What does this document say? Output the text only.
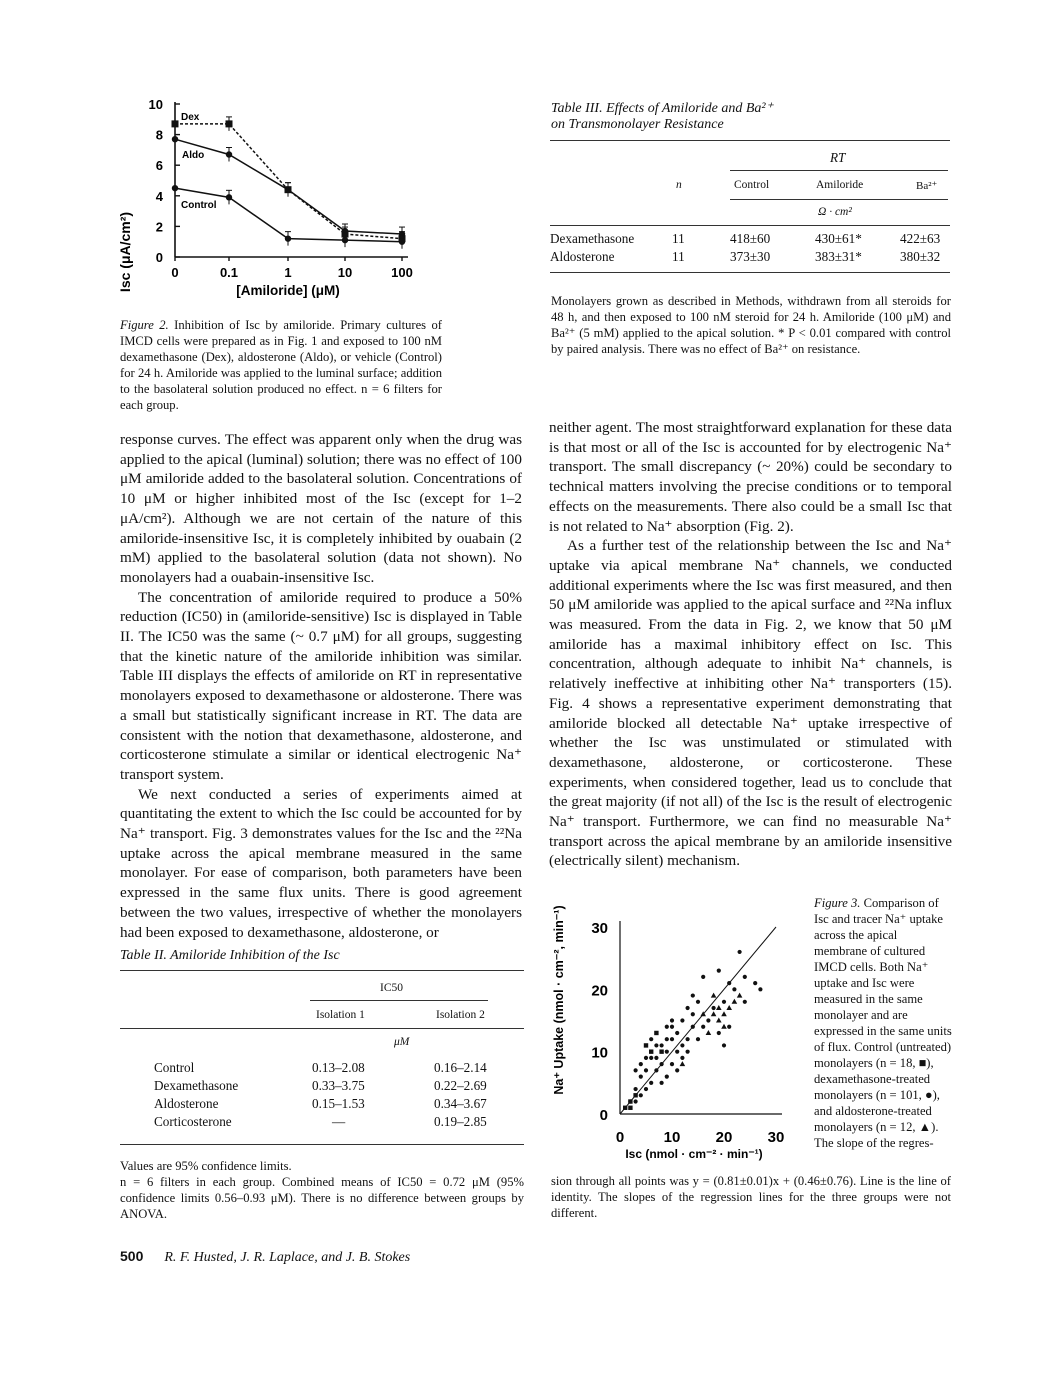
Isc (μA/cm²)	[Amiloride] (μM)
10
8
6
4
2
0
0	0.1	1	10	100
Dex
Aldo
Control
Figure 2. Inhibition of Isc by amiloride. Primary cultures of IMCD cells were prepared as in Fig. 1 and exposed to 100 nM dexamethasone (Dex), aldosterone (Aldo), or vehicle (Control) for 24 h. Amiloride was applied to the luminal surface; addition to the basolateral solution produced no effect. n = 6 filters for each group.
Table III. Effects of Amiloride and Ba²⁺
on Transmonolayer Resistance
RT
n	Control	Amiloride	Ba²⁺
Ω · cm²
Dexamethasone	11	418±60	430±61*	422±63
Aldosterone	11	373±30	383±31*	380±32
Monolayers grown as described in Methods, withdrawn from all steroids for 48 h, and then exposed to 100 nM steroid for 24 h. Amiloride (100 μM) and Ba²⁺ (5 mM) applied to the apical solution. * P < 0.01 compared with control by paired analysis. There was no effect of Ba²⁺ on resistance.

response curves. The effect was apparent only when the drug was applied to the apical (luminal) solution; there was no effect of 100 μM amiloride added to the basolateral solution. Concentrations of 10 μM or higher inhibited most of the Isc (except for 1–2 μA/cm²). Although we are not certain of the nature of this amiloride-insensitive Isc, it is completely inhibited by ouabain (2 mM) applied to the basolateral solution (data not shown). No monolayers had a ouabain-insensitive Isc.

The concentration of amiloride required to produce a 50% reduction (IC50) in (amiloride-sensitive) Isc is displayed in Table II. The IC50 was the same (~ 0.7 μM) for all groups, suggesting that the kinetic nature of the amiloride inhibition was similar. Table III displays the effects of amiloride on RT in representative monolayers exposed to dexamethasone or aldosterone. There was a small but statistically significant increase in RT. The data are consistent with the notion that dexamethasone, aldosterone, and corticosterone stimulate a similar or identical electrogenic Na⁺ transport system.

We next conducted a series of experiments aimed at quantitating the extent to which the Isc could be accounted for by Na⁺ transport. Fig. 3 demonstrates values for the Isc and the ²²Na uptake across the apical membrane measured in the same monolayer. For ease of comparison, both parameters have been expressed in the same flux units. There is good agreement between the two values, irrespective of whether the monolayers had been exposed to dexamethasone, aldosterone, or

Table II. Amiloride Inhibition of the Isc
IC50
Isolation 1	Isolation 2
μM
Control	0.13–2.08	0.16–2.14
Dexamethasone	0.33–3.75	0.22–2.69
Aldosterone	0.15–1.53	0.34–3.67
Corticosterone	—	0.19–2.85
Values are 95% confidence limits.
n = 6 filters in each group. Combined means of IC50 = 0.72 μM (95% confidence limits 0.56–0.93 μM). There is no difference between groups by ANOVA.

neither agent. The most straightforward explanation for these data is that most or all of the Isc is accounted for by electrogenic Na⁺ transport. The small discrepancy (~ 20%) could be secondary to technical matters involving the precise conditions or to temporal effects on the measurements. There also could be a small Isc that is not related to Na⁺ absorption (Fig. 2).

As a further test of the relationship between the Isc and Na⁺ uptake via apical membrane Na⁺ channels, we conducted additional experiments where the Isc was first measured, and then 50 μM amiloride was applied to the apical surface and ²²Na influx was measured. From the data in Fig. 2, we know that 50 μM amiloride has a maximal inhibitory effect on Isc. This concentration, although adequate to inhibit Na⁺ channels, is relatively ineffective at inhibiting other Na⁺ transporters (15). Fig. 4 shows a representative experiment demonstrating that amiloride blocked all detectable Na⁺ uptake irrespective of whether the Isc was unstimulated or stimulated with dexamethasone, aldosterone, or corticosterone. These experiments, when considered together, lead us to conclude that the great majority (if not all) of the Isc is the result of electrogenic Na⁺ transport. Furthermore, we can find no measurable Na⁺ transport across the apical membrane by an amiloride insensitive (electrically silent) mechanism.

Na⁺ Uptake (nmol · cm⁻², min⁻¹)
Isc (nmol · cm⁻² · min⁻¹)
30
20
10
0
0	10 20 30
Figure 3. Comparison of Isc and tracer Na⁺ uptake across the apical membrane of cultured IMCD cells. Both Na⁺ uptake and Isc were measured in the same monolayer and are expressed in the same units of flux. Control (untreated) monolayers (n = 18, ■), dexamethasone-treated monolayers (n = 101, ●), and aldosterone-treated monolayers (n = 12, ▲). The slope of the regres-
sion through all points was y = (0.81±0.01)x + (0.46±0.76). Line is the line of identity. The slopes of the regression lines for the three groups were not different.
500 R. F. Husted, J. R. Laplace, and J. B. Stokes
